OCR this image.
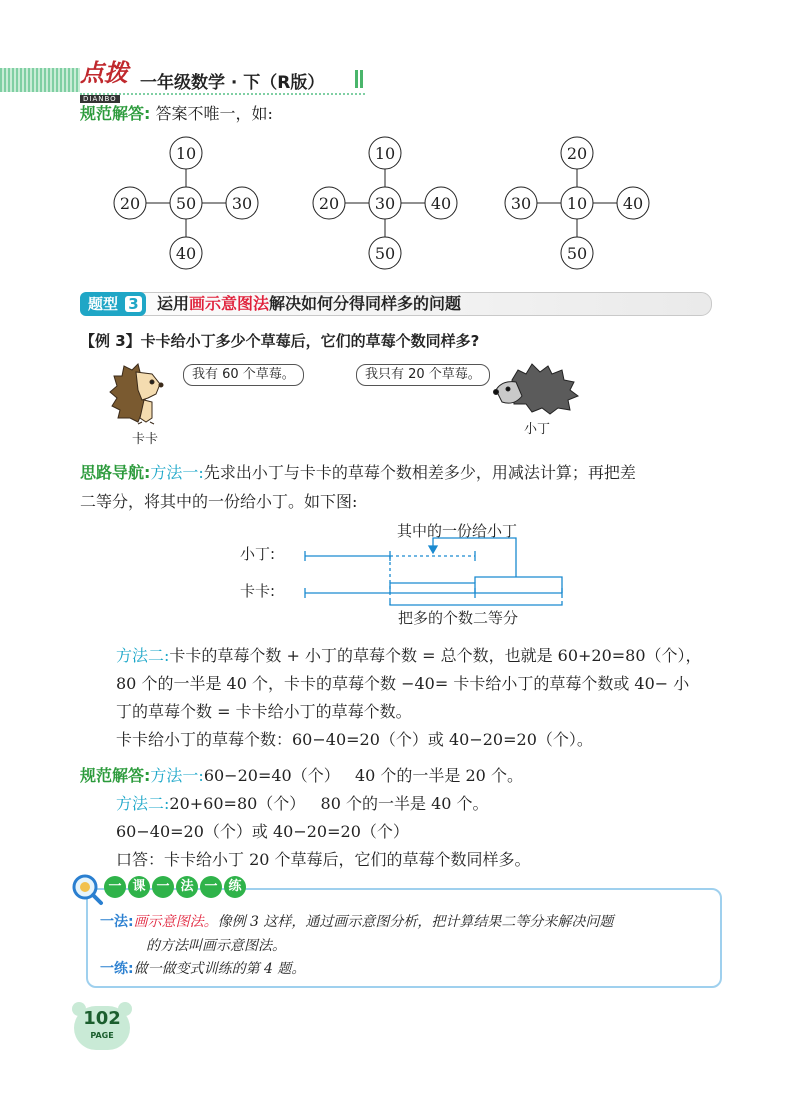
点拨
DIANBO
一年级数学 · 下（R版）
规范解答: 答案不唯一，如:
10
20 50 30
40
10
20 30 40
50
20
30 10 40
50
题型 3	运用画示意图法解决如何分得同样多的问题
【例 3】卡卡给小丁多少个草莓后，它们的草莓个数同样多?
我有 60 个草莓。
卡卡
我只有 20 个草莓。
小丁
思路导航:方法一:先求出小丁与卡卡的草莓个数相差多少，用减法计算；再把差
二等分，将其中的一份给小丁。如下图:
其中的一份给小丁
小丁:
卡卡:
把多的个数二等分
方法二:卡卡的草莓个数 + 小丁的草莓个数 = 总个数，也就是 60+20=80（个），
80 个的一半是 40 个，卡卡的草莓个数 −40= 卡卡给小丁的草莓个数或 40− 小
丁的草莓个数 = 卡卡给小丁的草莓个数。
卡卡给小丁的草莓个数：60−40=20（个）或 40−20=20（个）。
规范解答:方法一:60−20=40（个）   40 个的一半是 20 个。
方法二:20+60=80（个）   80 个的一半是 40 个。
60−40=20（个）或 40−20=20（个）
口答：卡卡给小丁 20 个草莓后，它们的草莓个数同样多。
一 课 一 法 一 练
一法:画示意图法。像例 3 这样，通过画示意图分析，把计算结果二等分来解决问题
的方法叫画示意图法。
一练:做一做变式训练的第 4 题。
102
PAGE
